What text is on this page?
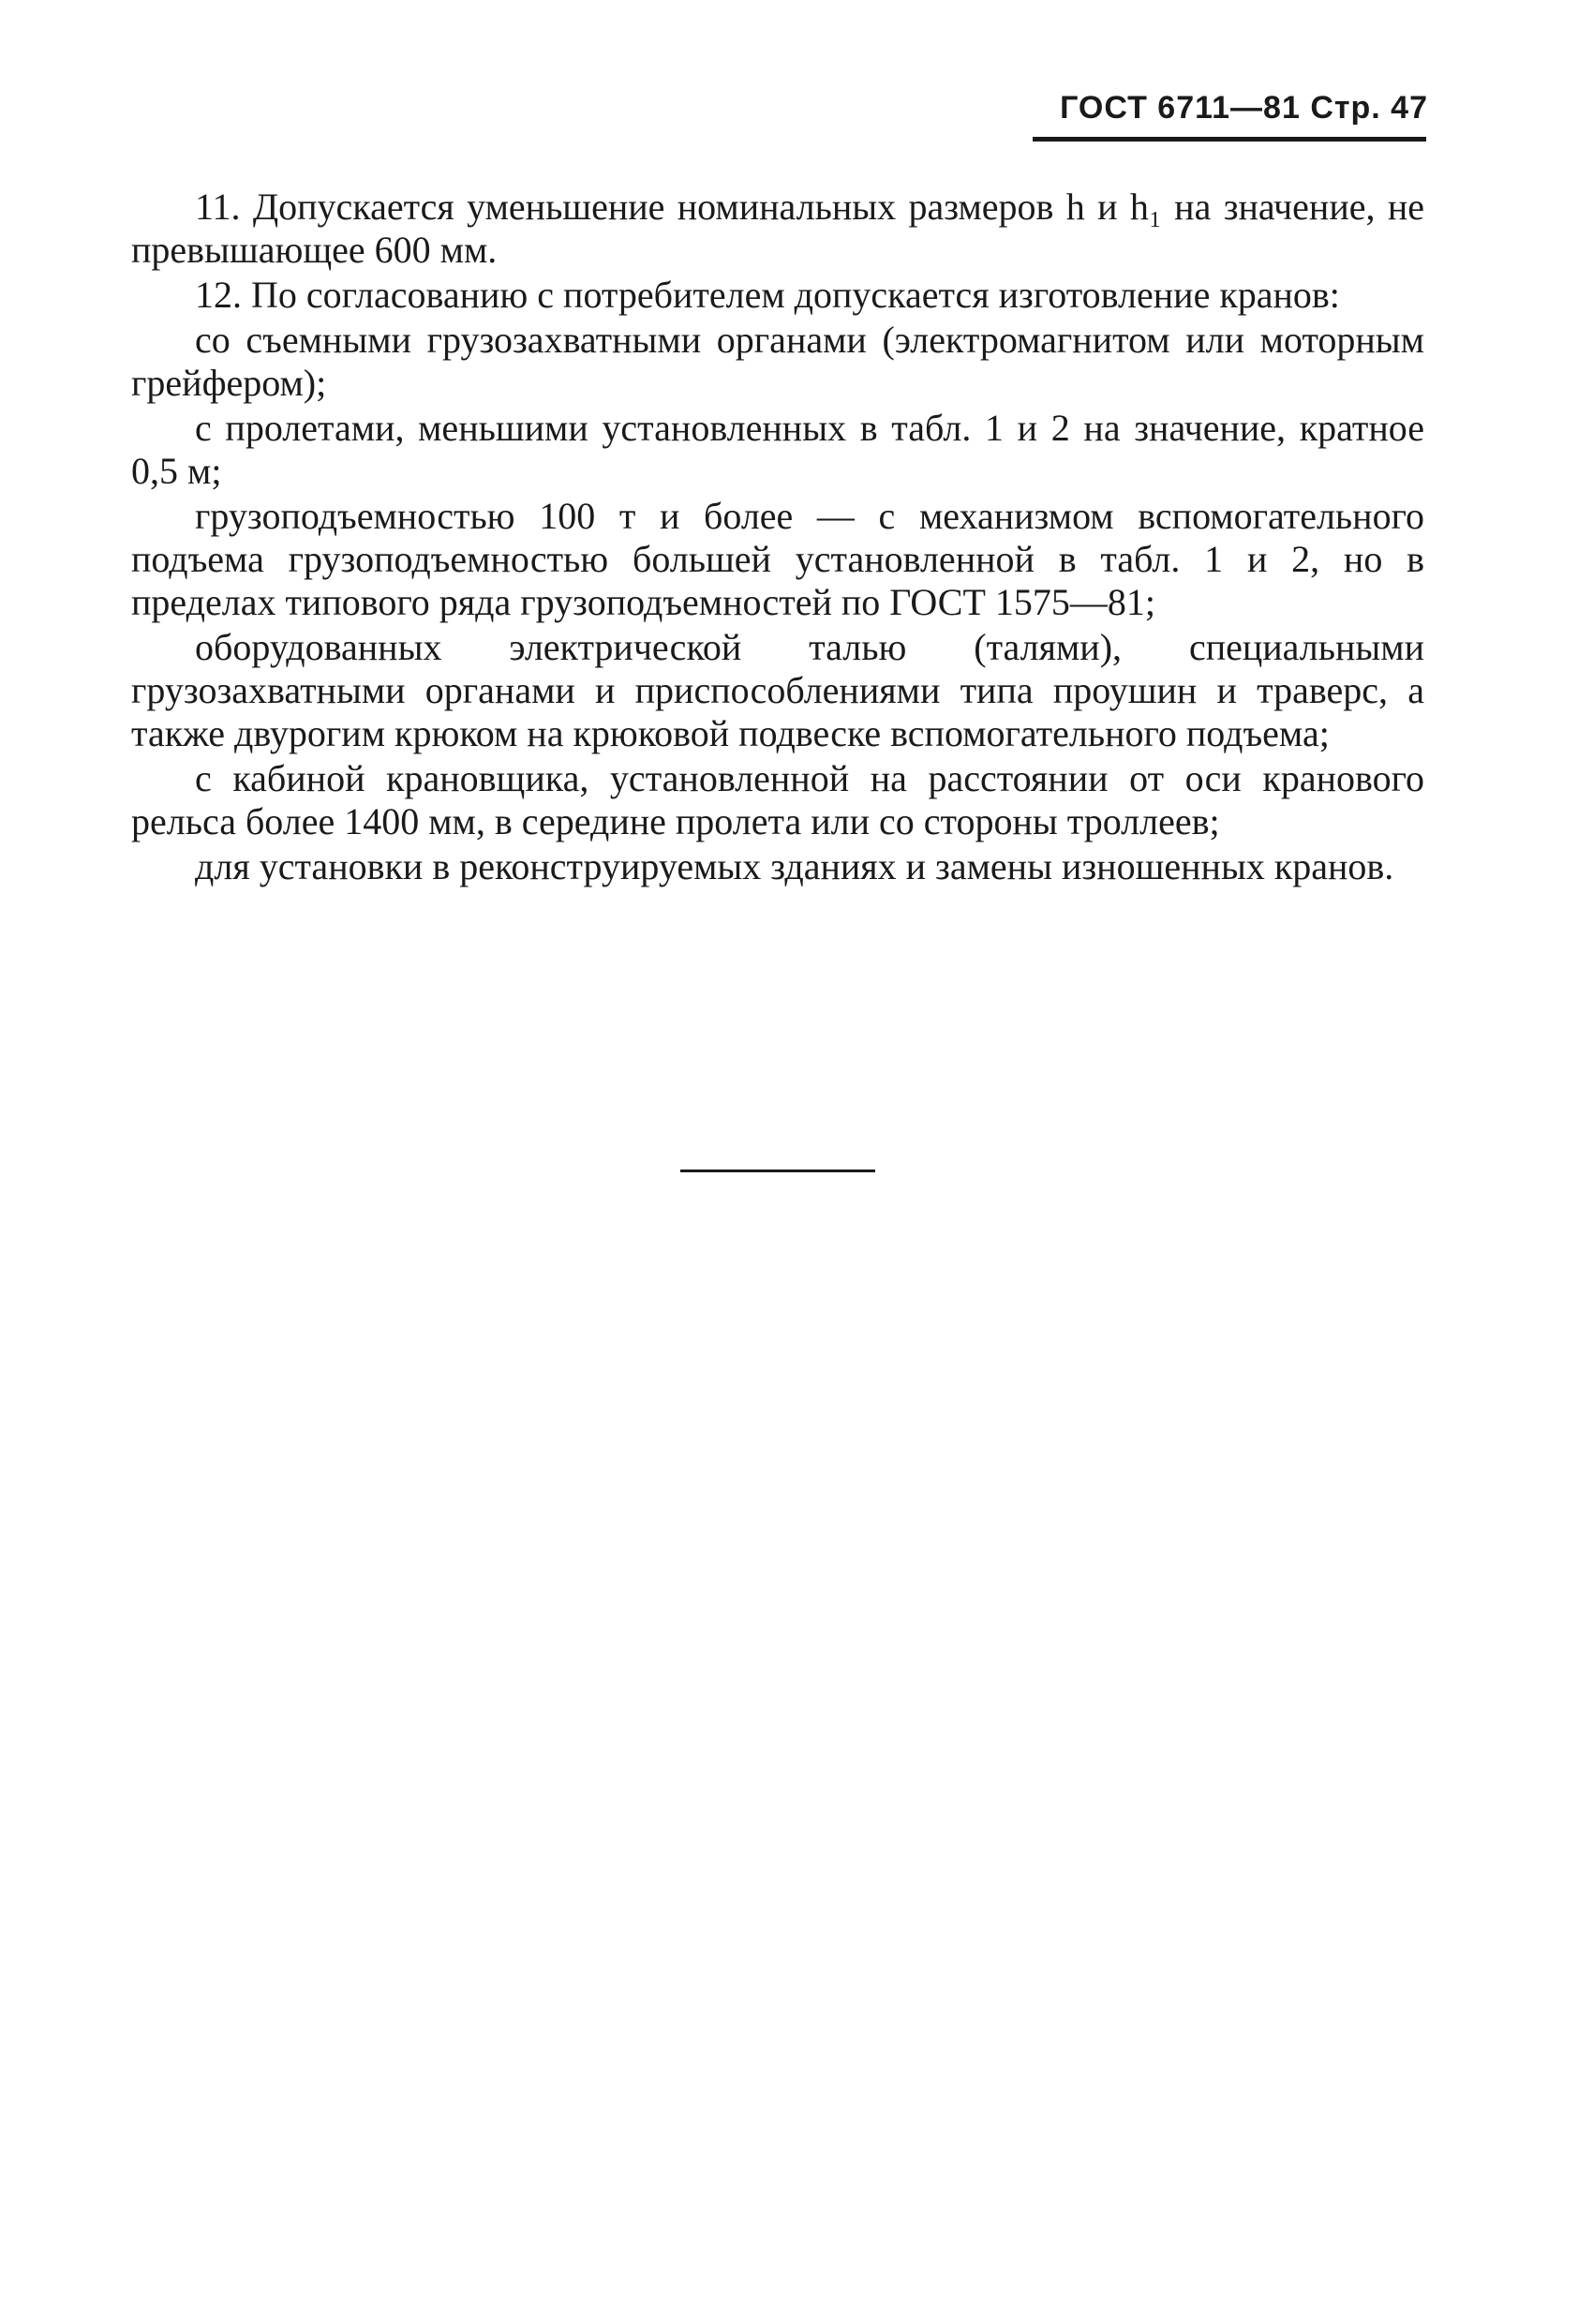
ГОСТ 6711—81 Стр. 47

11. Допускается уменьшение номинальных размеров h и h₁ на значение, не превышающее 600 мм.

12. По согласованию с потребителем допускается изготовление кранов:

со съемными грузозахватными органами (электромагнитом или моторным грейфером);

с пролетами, меньшими установленных в табл. 1 и 2 на значение, кратное 0,5 м;

грузоподъемностью 100 т и более — с механизмом вспомогательного подъема грузоподъемностью большей установленной в табл. 1 и 2, но в пределах типового ряда грузоподъемностей по ГОСТ 1575—81;

оборудованных электрической талью (талями), специальными грузозахватными органами и приспособлениями типа проушин и траверс, а также двурогим крюком на крюковой подвеске вспомогательного подъема;

с кабиной крановщика, установленной на расстоянии от оси кранового рельса более 1400 мм, в середине пролета или со стороны троллеев;

для установки в реконструируемых зданиях и замены изношенных кранов.
